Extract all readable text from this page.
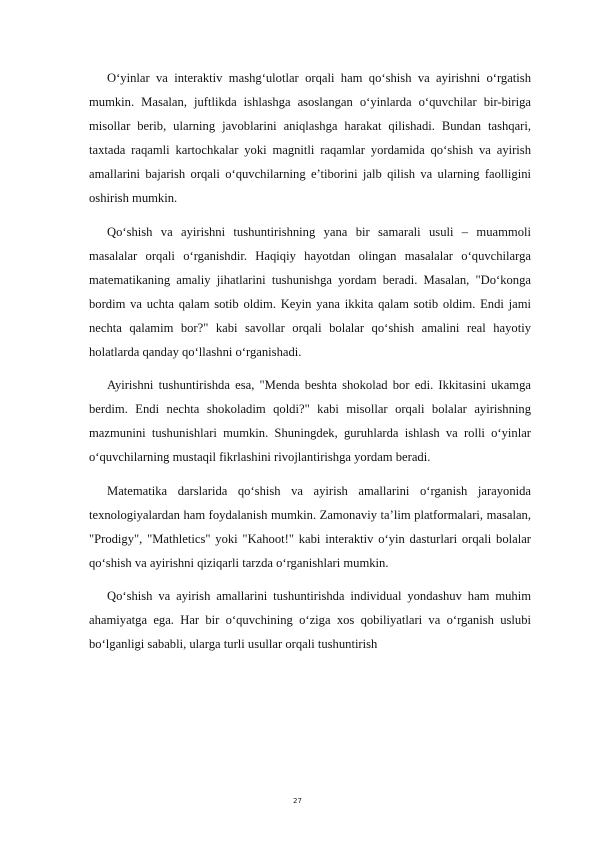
O‘yinlar va interaktiv mashg‘ulotlar orqali ham qo‘shish va ayirishni o‘rgatish mumkin. Masalan, juftlikda ishlashga asoslangan o‘yinlarda o‘quvchilar bir-biriga misollar berib, ularning javoblarini aniqlashga harakat qilishadi. Bundan tashqari, taxtada raqamli kartochkalar yoki magnitli raqamlar yordamida qo‘shish va ayirish amallarini bajarish orqali o‘quvchilarning e’tiborini jalb qilish va ularning faolligini oshirish mumkin.

Qo‘shish va ayirishni tushuntirishning yana bir samarali usuli – muammoli masalalar orqali o‘rganishdir. Haqiqiy hayotdan olingan masalalar o‘quvchilarga matematikaning amaliy jihatlarini tushunishga yordam beradi. Masalan, "Do‘konga bordim va uchta qalam sotib oldim. Keyin yana ikkita qalam sotib oldim. Endi jami nechta qalamim bor?" kabi savollar orqali bolalar qo‘shish amalini real hayotiy holatlarda qanday qo‘llashni o‘rganishadi.

Ayirishni tushuntirishda esa, "Menda beshta shokolad bor edi. Ikkitasini ukamga berdim. Endi nechta shokoladim qoldi?" kabi misollar orqali bolalar ayirishning mazmunini tushunishlari mumkin. Shuningdek, guruhlarda ishlash va rolli o‘yinlar o‘quvchilarning mustaqil fikrlashini rivojlantirishga yordam beradi.

Matematika darslarida qo‘shish va ayirish amallarini o‘rganish jarayonida texnologiyalardan ham foydalanish mumkin. Zamonaviy ta’lim platformalari, masalan, "Prodigy", "Mathletics" yoki "Kahoot!" kabi interaktiv o‘yin dasturlari orqali bolalar qo‘shish va ayirishni qiziqarli tarzda o‘rganishlari mumkin.

Qo‘shish va ayirish amallarini tushuntirishda individual yondashuv ham muhim ahamiyatga ega. Har bir o‘quvchining o‘ziga xos qobiliyatlari va o‘rganish uslubi bo‘lganligi sababli, ularga turli usullar orqali tushuntirish

27
